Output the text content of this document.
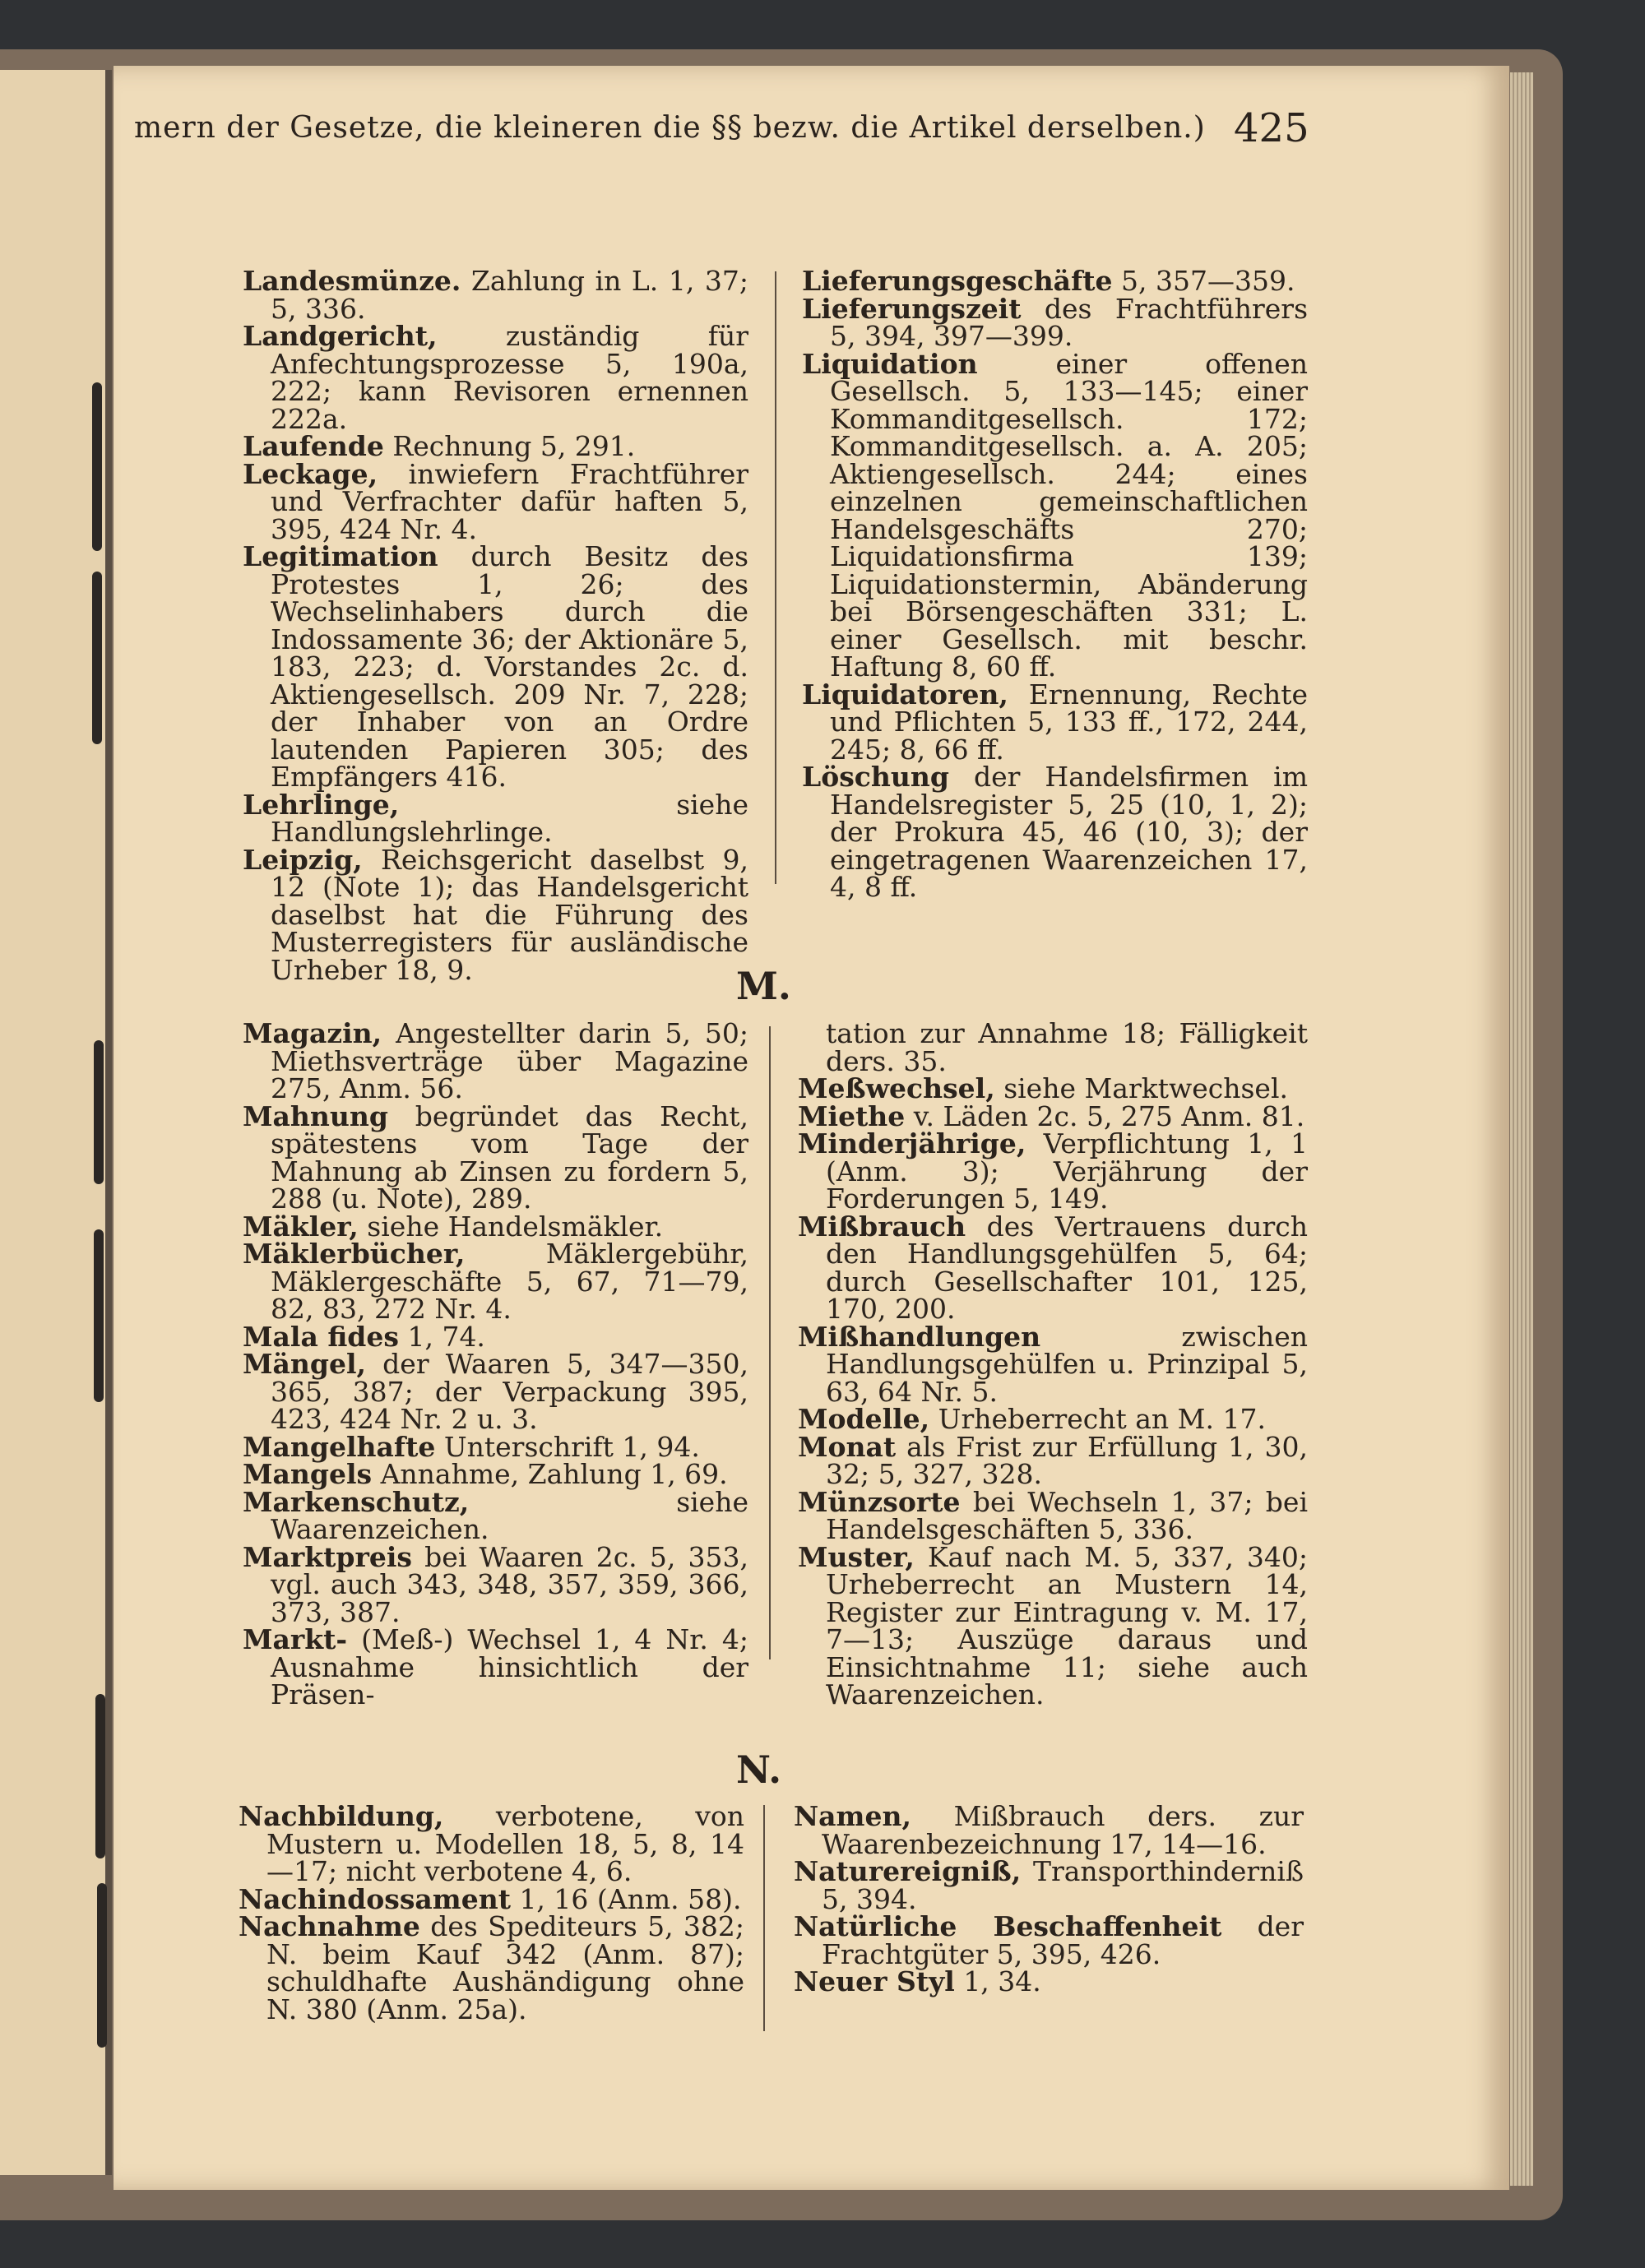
mern der Gesetze, die kleineren die §§ bezw. die Artikel derselben.) 425

Landesmünze. Zahlung in L. 1, 37; 5, 336.

Landgericht,	zuständig für Anfechtungsprozesse 5, 190a, 222; kann Revisoren ernennen 222a.

Laufende Rechnung 5, 291.

Leckage, inwiefern Frachtführer und Verfrachter dafür haften 5, 395, 424 Nr. 4.

Legitimation durch Besitz des Protestes 1, 26; des Wechselinhabers durch die Indossamente 36; der Aktionäre 5, 183, 223; d. Vorstandes 2c. d. Aktiengesellsch. 209 Nr. 7, 228; der Inhaber von an Ordre lautenden Papieren 305; des Empfängers 416.

Lehrlinge,	siehe Handlungslehrlinge.

Leipzig, Reichsgericht daselbst 9, 12 (Note 1); das Handelsgericht daselbst hat die Führung des Musterregisters für ausländische Urheber 18, 9.

Lieferungsgeschäfte 5, 357—359.

Lieferungszeit des Frachtführers 5, 394, 397—399.

Liquidation	einer offenen Gesellsch. 5, 133—145; einer Kommanditgesellsch. 172; Kommanditgesellsch. a. A. 205; Aktiengesellsch. 244; eines einzelnen gemeinschaftlichen Handelsgeschäfts 270; Liquidationsfirma 139; Liquidationstermin, Abänderung bei Börsengeschäften 331; L. einer Gesellsch. mit beschr. Haftung 8, 60 ff.

Liquidatoren, Ernennung, Rechte und Pflichten 5, 133 ff., 172, 244, 245; 8, 66 ff.

Löschung der Handelsfirmen im Handelsregister 5, 25 (10, 1, 2); der Prokura 45, 46 (10, 3); der eingetragenen Waarenzeichen 17, 4, 8 ff.

M.

Magazin, Angestellter darin 5, 50; Miethsverträge über Magazine 275, Anm. 56.

Mahnung begründet das Recht, spätestens vom Tage der Mahnung ab Zinsen zu fordern 5, 288 (u. Note), 289.

Mäkler, siehe Handelsmäkler.

Mäklerbücher,	Mäklergebühr, Mäklergeschäfte 5, 67, 71—79, 82, 83, 272 Nr. 4.

Mala fides 1, 74.

Mängel, der Waaren 5, 347—350, 365, 387; der Verpackung 395, 423, 424 Nr. 2 u. 3.

Mangelhafte Unterschrift 1, 94.

Mangels Annahme, Zahlung 1, 69.

Markenschutz,	siehe Waarenzeichen.

Marktpreis bei Waaren 2c. 5, 353, vgl. auch 343, 348, 357, 359, 366, 373, 387.

Markt- (Meß-) Wechsel 1, 4 Nr. 4; Ausnahme hinsichtlich der Präsen-

tation zur Annahme 18; Fälligkeit ders. 35.

Meßwechsel, siehe Marktwechsel.

Miethe v. Läden 2c. 5, 275 Anm. 81.

Minderjährige, Verpflichtung 1, 1 (Anm. 3); Verjährung der Forderungen 5, 149.

Mißbrauch des Vertrauens durch den Handlungsgehülfen 5, 64; durch Gesellschafter 101, 125, 170, 200.

Mißhandlungen	zwischen Handlungsgehülfen u. Prinzipal 5, 63, 64 Nr. 5.

Modelle, Urheberrecht an M. 17.

Monat als Frist zur Erfüllung 1, 30, 32; 5, 327, 328.

Münzsorte bei Wechseln 1, 37; bei Handelsgeschäften 5, 336.

Muster, Kauf nach M. 5, 337, 340; Urheberrecht an Mustern 14, Register zur Eintragung v. M. 17, 7—13; Auszüge daraus und Einsichtnahme 11; siehe auch Waarenzeichen.

N.

Nachbildung, verbotene, von Mustern u. Modellen 18, 5, 8, 14—17; nicht verbotene 4, 6.

Nachindossament 1, 16 (Anm. 58).

Nachnahme des Spediteurs 5, 382; N. beim Kauf 342 (Anm. 87); schuldhafte Aushändigung ohne N. 380 (Anm. 25a).

Namen, Mißbrauch ders. zur Waarenbezeichnung 17, 14—16.

Naturereigniß, Transporthinderniß 5, 394.

Natürliche Beschaffenheit der Frachtgüter 5, 395, 426.

Neuer Styl 1, 34.
